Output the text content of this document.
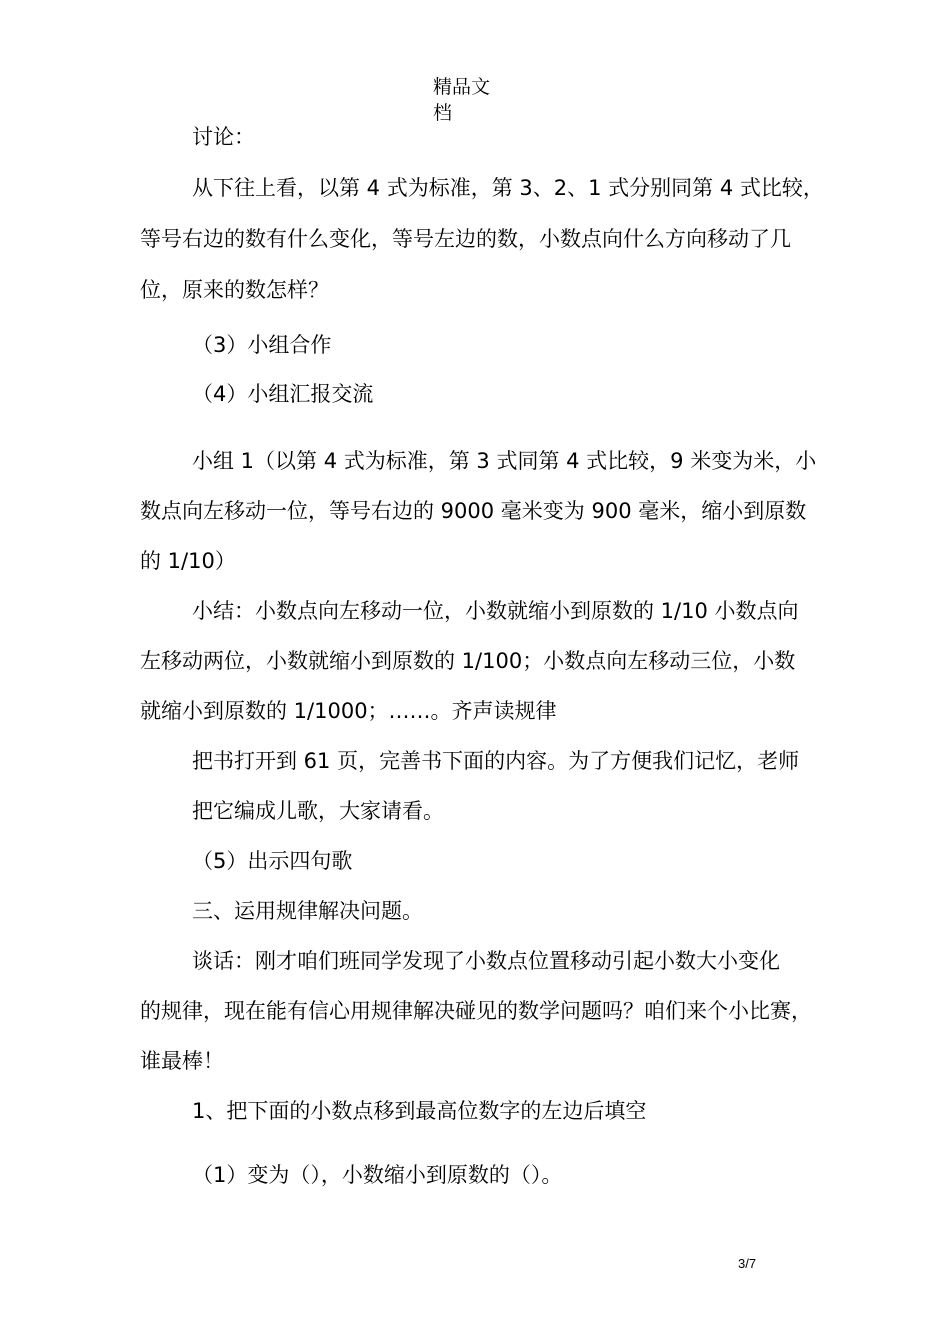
精品文
档
讨论：
从下往上看，以第 4 式为标准，第 3、2、1 式分别同第 4 式比较，
等号右边的数有什么变化，等号左边的数，小数点向什么方向移动了几
位，原来的数怎样？
（3）小组合作
（4）小组汇报交流
小组 1（以第 4 式为标准，第 3 式同第 4 式比较，9 米变为米，小
数点向左移动一位，等号右边的 9000 毫米变为 900 毫米，缩小到原数
的 1/10）
小结：小数点向左移动一位，小数就缩小到原数的 1/10 小数点向
左移动两位，小数就缩小到原数的 1/100；小数点向左移动三位，小数
就缩小到原数的 1/1000；……。齐声读规律
把书打开到 61 页，完善书下面的内容。为了方便我们记忆，老师
把它编成儿歌，大家请看。
（5）出示四句歌
三、运用规律解决问题。
谈话：刚才咱们班同学发现了小数点位置移动引起小数大小变化
的规律，现在能有信心用规律解决碰见的数学问题吗？咱们来个小比赛，
谁最棒！
1、把下面的小数点移到最高位数字的左边后填空
（1）变为（），小数缩小到原数的（）。
3/7
